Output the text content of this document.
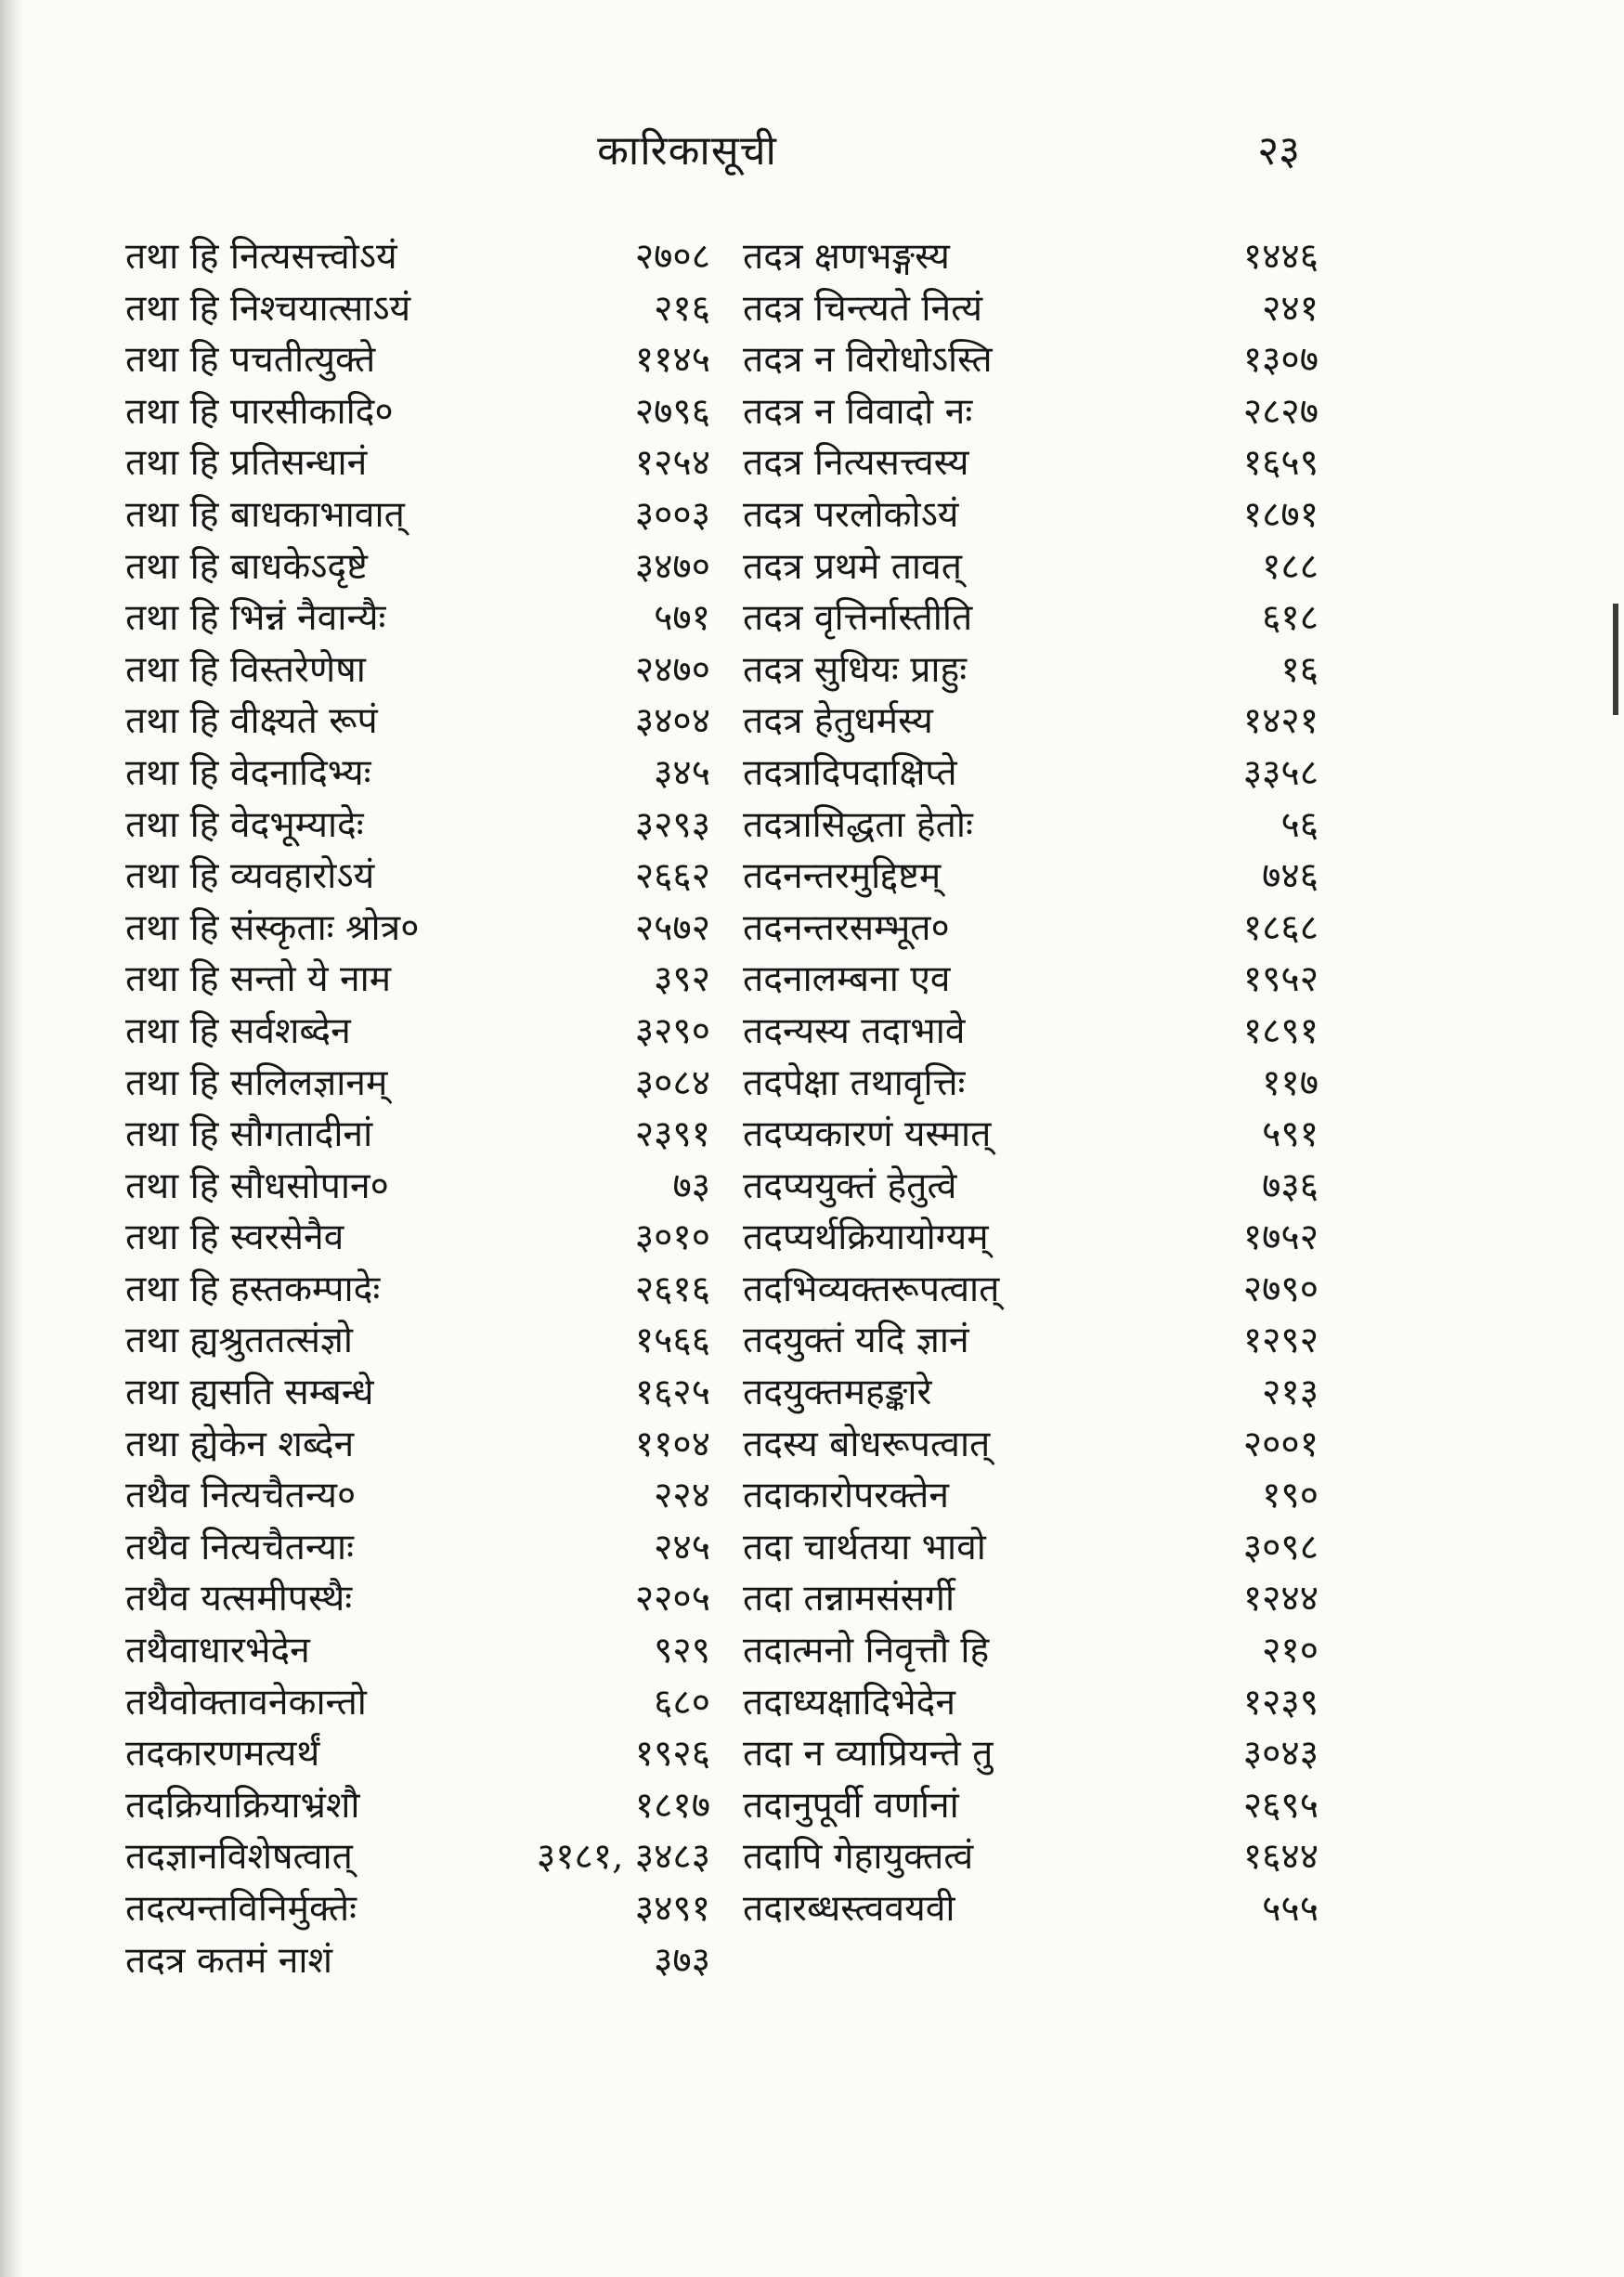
कारिकासूची	२३
तथा हि नित्यसत्त्वोऽयं	२७०८
तथा हि निश्चयात्साऽयं	२१६
तथा हि पचतीत्युक्ते	११४५
तथा हि पारसीकादि०	२७९६
तथा हि प्रतिसन्धानं	१२५४
तथा हि बाधकाभावात्	३००३
तथा हि बाधकेऽदृष्टे	३४७०
तथा हि भिन्नं नैवान्यैः	५७१
तथा हि विस्तरेणेषा	२४७०
तथा हि वीक्ष्यते रूपं	३४०४
तथा हि वेदनादिभ्यः	३४५
तथा हि वेदभूम्यादेः	३२९३
तथा हि व्यवहारोऽयं	२६६२
तथा हि संस्कृताः श्रोत्र०	२५७२
तथा हि सन्तो ये नाम	३९२
तथा हि सर्वशब्देन	३२९०
तथा हि सलिलज्ञानम्	३०८४
तथा हि सौगतादीनां	२३९१
तथा हि सौधसोपान०	७३
तथा हि स्वरसेनैव	३०१०
तथा हि हस्तकम्पादेः	२६१६
तथा ह्यश्रुततत्संज्ञो	१५६६
तथा ह्यसति सम्बन्धे	१६२५
तथा ह्येकेन शब्देन	११०४
तथैव नित्यचैतन्य०	२२४
तथैव नित्यचैतन्याः	२४५
तथैव यत्समीपस्थैः	२२०५
तथैवाधारभेदेन	९२९
तथैवोक्तावनेकान्तो	६८०
तदकारणमत्यर्थं	१९२६
तदक्रियाक्रियाभ्रंशौ	१८१७
तदज्ञानविशेषत्वात्	३१८१, ३४८३
तदत्यन्तविनिर्मुक्तेः	३४९१
तदत्र कतमं नाशं	३७३
तदत्र क्षणभङ्गस्य	१४४६
तदत्र चिन्त्यते नित्यं	२४१
तदत्र न विरोधोऽस्ति	१३०७
तदत्र न विवादो नः	२८२७
तदत्र नित्यसत्त्वस्य	१६५९
तदत्र परलोकोऽयं	१८७१
तदत्र प्रथमे तावत्	१८८
तदत्र वृत्तिर्नास्तीति	६१८
तदत्र सुधियः प्राहुः	१६
तदत्र हेतुधर्मस्य	१४२१
तदत्रादिपदाक्षिप्ते	३३५८
तदत्रासिद्धता हेतोः	५६
तदनन्तरमुद्दिष्टम्	७४६
तदनन्तरसम्भूत०	१८६८
तदनालम्बना एव	१९५२
तदन्यस्य तदाभावे	१८९१
तदपेक्षा तथावृत्तिः	११७
तदप्यकारणं यस्मात्	५९१
तदप्ययुक्तं हेतुत्वे	७३६
तदप्यर्थक्रियायोग्यम्	१७५२
तदभिव्यक्तरूपत्वात्	२७९०
तदयुक्तं यदि ज्ञानं	१२९२
तदयुक्तमहङ्कारे	२१३
तदस्य बोधरूपत्वात्	२००१
तदाकारोपरक्तेन	१९०
तदा चार्थतया भावो	३०९८
तदा तन्नामसंसर्गी	१२४४
तदात्मनो निवृत्तौ हि	२१०
तदाध्यक्षादिभेदेन	१२३९
तदा न व्याप्रियन्ते तु	३०४३
तदानुपूर्वी वर्णानां	२६९५
तदापि गेहायुक्तत्वं	१६४४
तदारब्धस्त्ववयवी	५५५
